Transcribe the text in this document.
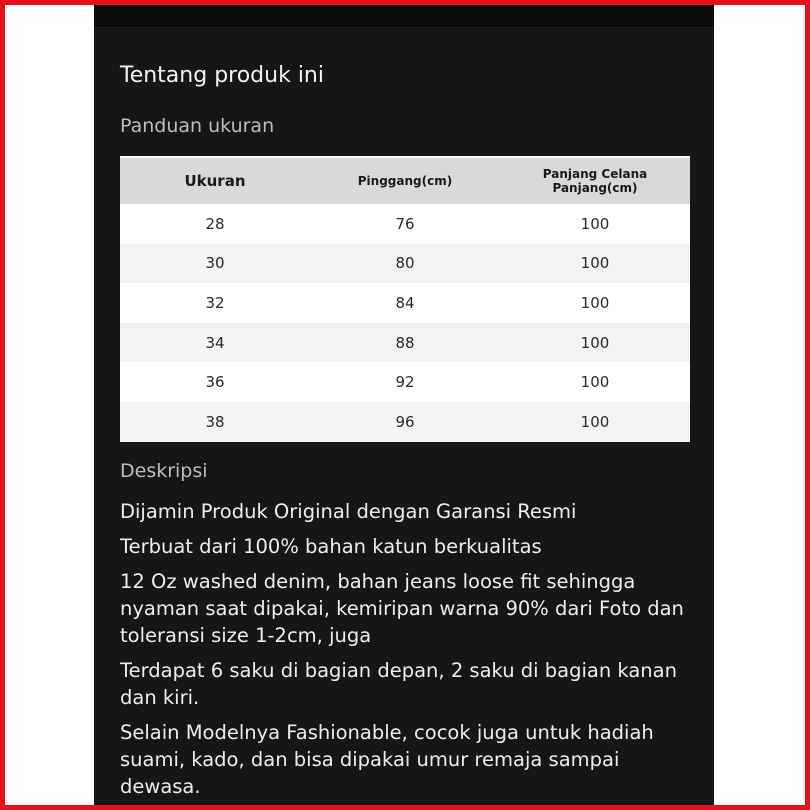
Tentang produk ini
Panduan ukuran
Ukuran	Pinggang(cm)	Panjang Celana Panjang(cm)
28	76	100
30	80	100
32	84	100
34	88	100
36	92	100
38	96	100
Deskripsi

Dijamin Produk Original dengan Garansi Resmi

Terbuat dari 100% bahan katun berkualitas

12 Oz washed denim, bahan jeans loose fit sehingga nyaman saat dipakai, kemiripan warna 90% dari Foto dan toleransi size 1-2cm, juga

Terdapat 6 saku di bagian depan, 2 saku di bagian kanan dan kiri.

Selain Modelnya Fashionable, cocok juga untuk hadiah suami, kado, dan bisa dipakai umur remaja sampai dewasa.
